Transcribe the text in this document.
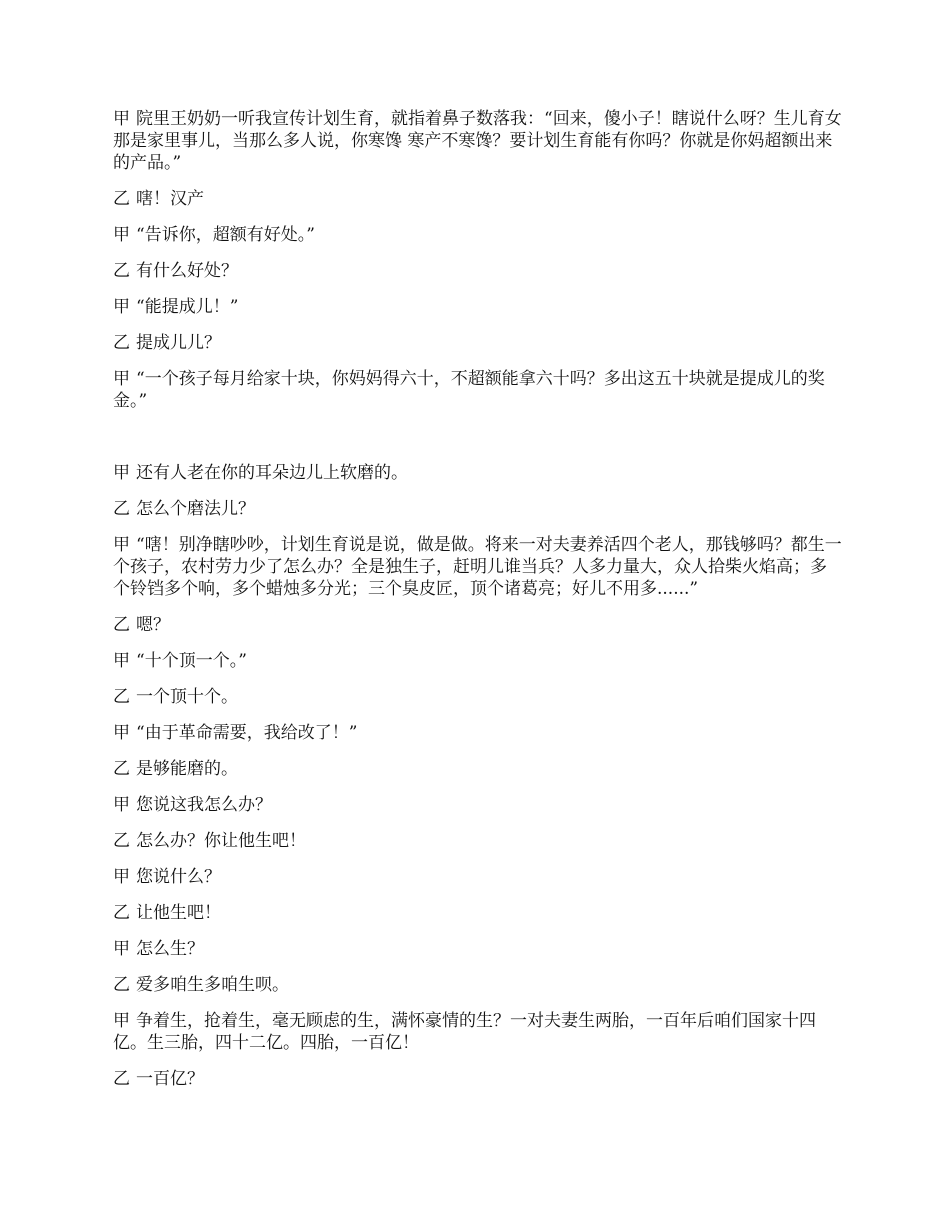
甲 院里王奶奶一听我宣传计划生育，就指着鼻子数落我：“回来，傻小子！瞎说什么呀？生儿育女那是家里事儿，当那么多人说，你寒馋 寒产不寒馋？要计划生育能有你吗？你就是你妈超额出来的产品。”

乙 嗐！汉产

甲 “告诉你，超额有好处。”

乙 有什么好处？

甲 “能提成儿！”

乙 提成儿儿？

甲 “一个孩子每月给家十块，你妈妈得六十，不超额能拿六十吗？多出这五十块就是提成儿的奖金。”

甲 还有人老在你的耳朵边儿上软磨的。

乙 怎么个磨法儿？

甲 “嗐！别净瞎吵吵，计划生育说是说，做是做。将来一对夫妻养活四个老人，那钱够吗？都生一个孩子，农村劳力少了怎么办？全是独生子，赶明儿谁当兵？人多力量大，众人拾柴火焰高；多个铃铛多个响，多个蜡烛多分光；三个臭皮匠，顶个诸葛亮；好儿不用多......”

乙 嗯？

甲 “十个顶一个。”

乙 一个顶十个。

甲 “由于革命需要，我给改了！”

乙 是够能磨的。

甲 您说这我怎么办？

乙 怎么办？你让他生吧！

甲 您说什么？

乙 让他生吧！

甲 怎么生？

乙 爱多咱生多咱生呗。

甲 争着生，抢着生，毫无顾虑的生，满怀豪情的生？一对夫妻生两胎，一百年后咱们国家十四亿。生三胎，四十二亿。四胎，一百亿！

乙 一百亿？
